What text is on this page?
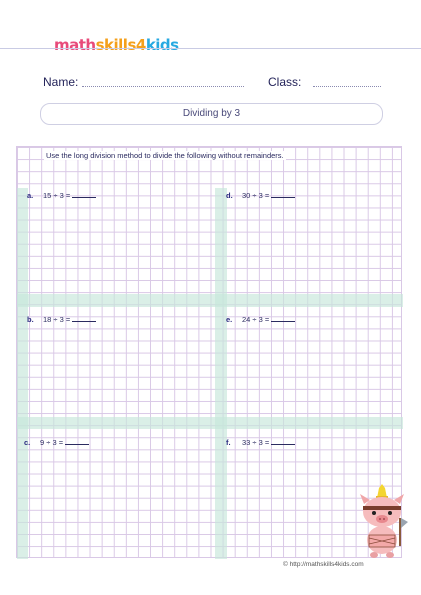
mathskills4kids
Name:	Class:
Dividing by 3
Use the long division method to divide the following without remainders.
a. 15 ÷ 3 =	d. 30 ÷ 3 =
b. 18 ÷ 3 =	e. 24 ÷ 3 =
c. 9 ÷ 3 =	f. 33 ÷ 3 =
© http://mathskills4kids.com
